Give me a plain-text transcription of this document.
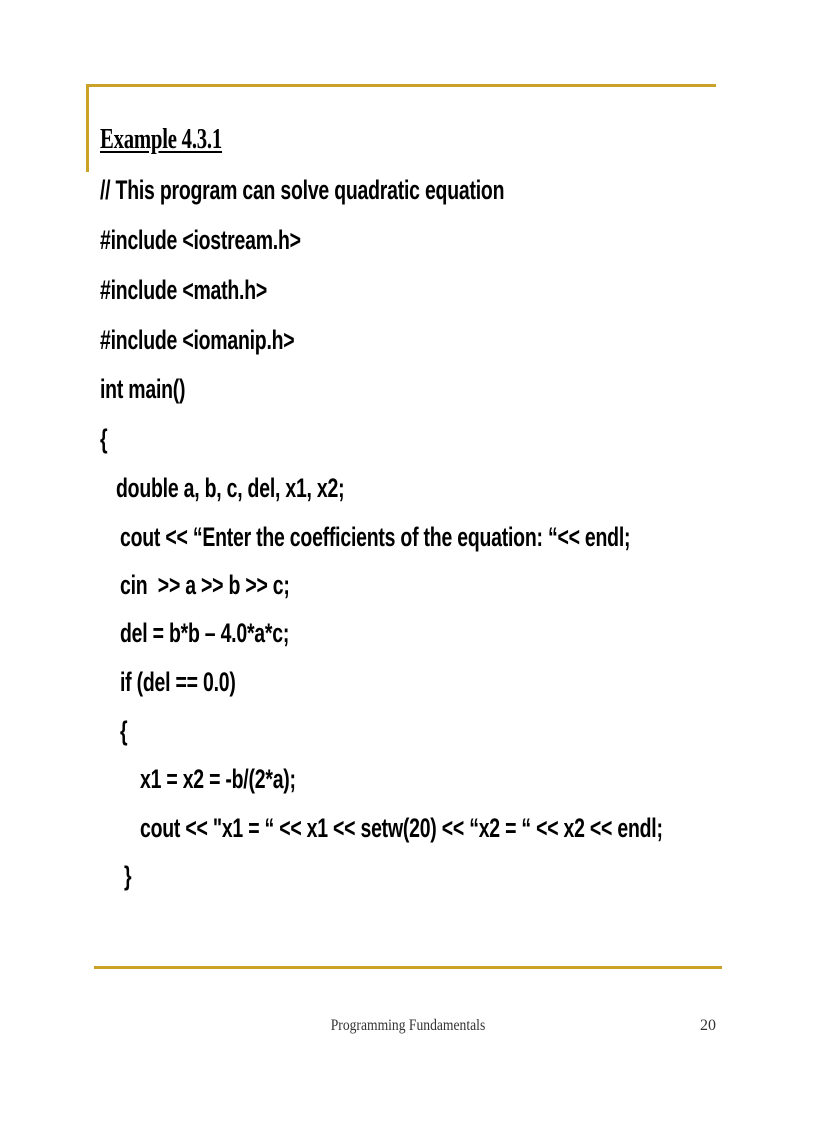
Example 4.3.1
// This program can solve quadratic equation
#include <iostream.h>
#include <math.h>
#include <iomanip.h>
int main()
{
double a, b, c, del, x1, x2;
cout << “Enter the coefficients of the equation: “<< endl;
cin  >> a >> b >> c;
del = b*b – 4.0*a*c;
if (del == 0.0)
{
x1 = x2 = -b/(2*a);
cout << "x1 = “ << x1 << setw(20) << “x2 = “ << x2 << endl;
}
Programming Fundamentals	20
